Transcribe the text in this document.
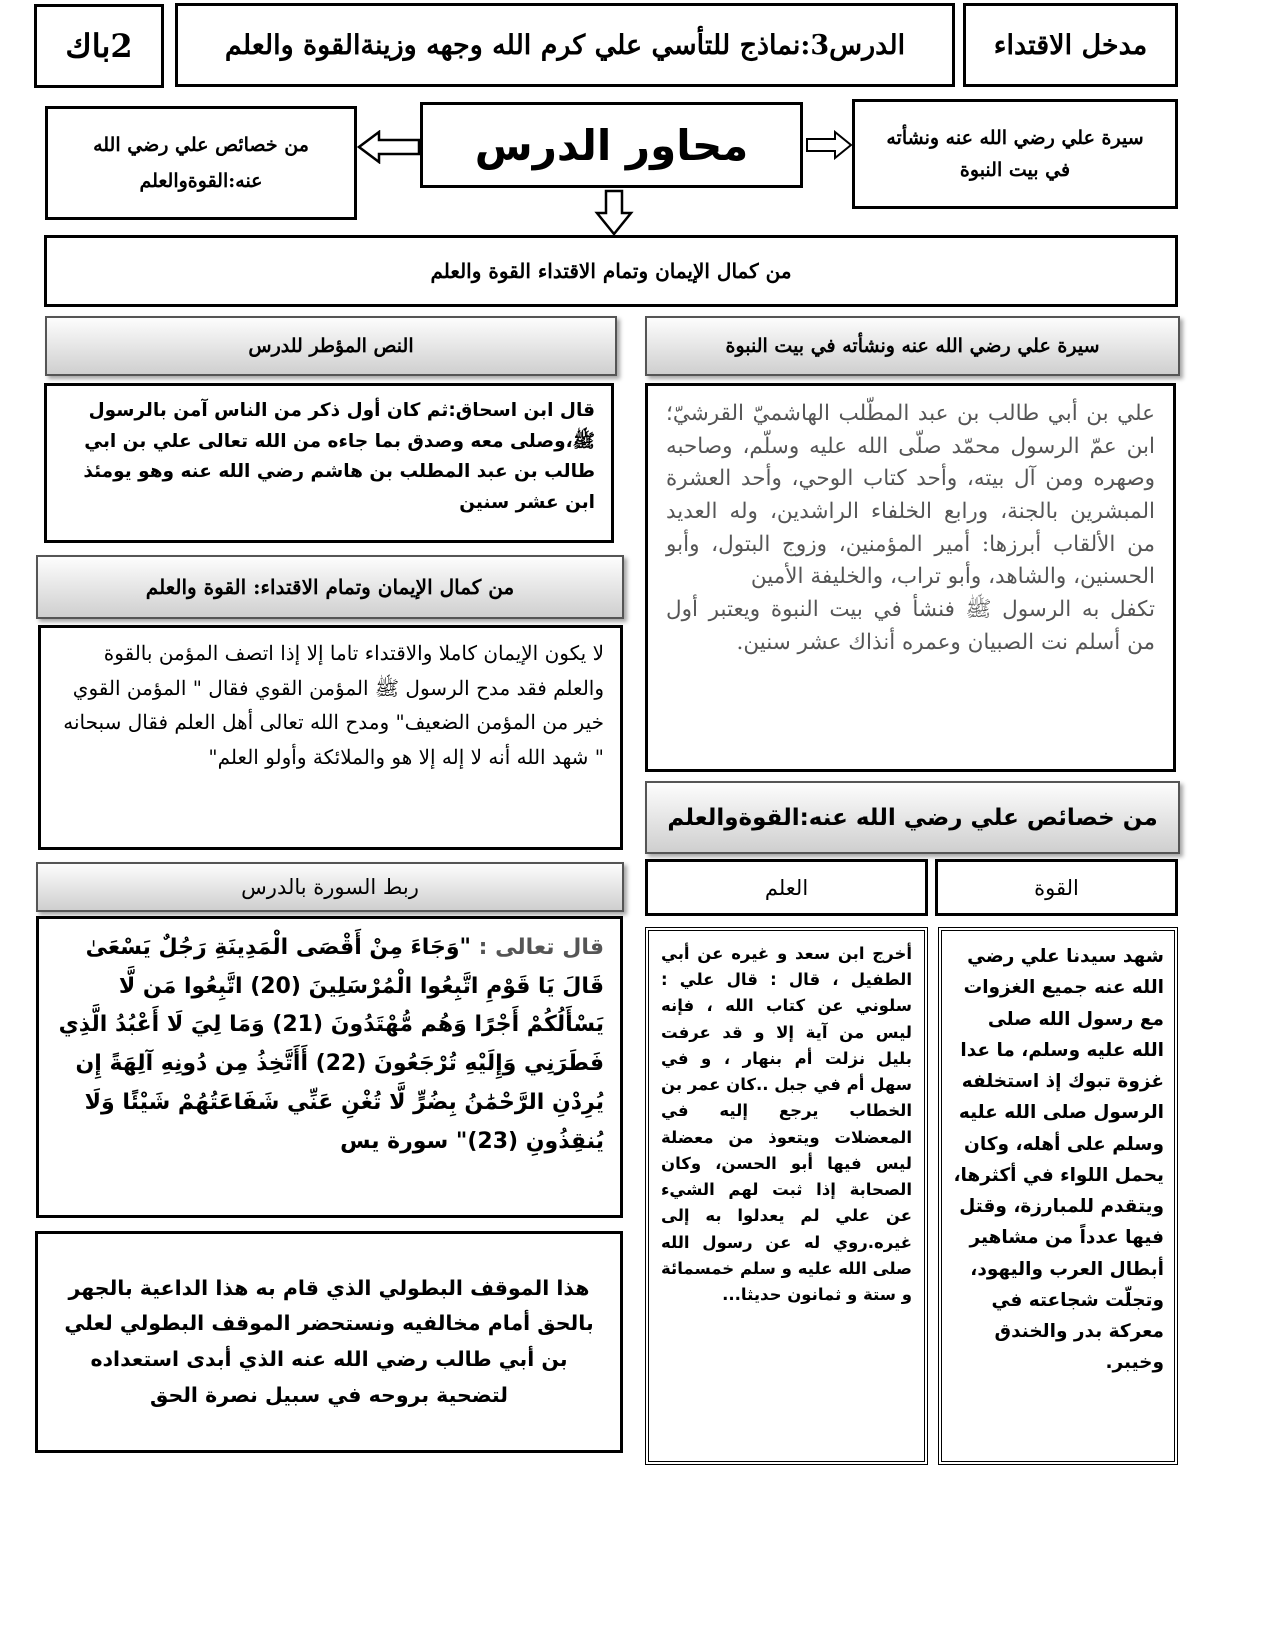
مدخل الاقتداء
الدرس3:نماذج للتأسي علي كرم الله وجهه وزينةالقوة والعلم
2باك
سيرة علي رضي الله عنه ونشأته في بيت النبوة
محاور الدرس
من خصائص علي رضي الله عنه:القوةوالعلم
من كمال الإيمان وتمام الاقتداء القوة والعلم
سيرة علي رضي الله عنه ونشأته في بيت النبوة

علي بن أبي طالب بن عبد المطّلب الهاشميّ القرشيّ؛ ابن عمّ الرسول محمّد صلّى الله عليه وسلّم، وصاحبه وصهره ومن آل بيته، وأحد كتاب الوحي، وأحد العشرة المبشرين بالجنة، ورابع الخلفاء الراشدين، وله العديد من الألقاب أبرزها: أمير المؤمنين، وزوج البتول، وأبو الحسنين، والشاهد، وأبو تراب، والخليفة الأمين

تكفل به الرسول ﷺ فنشأ في بيت النبوة ويعتبر أول من أسلم نت الصبيان وعمره أنذاك عشر سنين.

من خصائص علي رضي الله عنه:القوةوالعلم
القوة
العلم

شهد سيدنا علي رضي الله عنه جميع الغزوات مع رسول الله صلى الله عليه وسلم، ما عدا غزوة تبوك إذ استخلفه الرسول صلى الله عليه وسلم على أهله، وكان يحمل اللواء في أكثرها، ويتقدم للمبارزة، وقتل فيها عدداً من مشاهير أبطال العرب واليهود، وتجلّت شجاعته في معركة بدر والخندق وخيبر.

أخرج ابن سعد و غيره عن أبي الطفيل ، قال : قال علي : سلوني عن كتاب الله ، فإنه ليس من آية إلا و قد عرفت بليل نزلت أم بنهار ، و في سهل أم في جبل ..كان عمر بن الخطاب يرجع إليه في المعضلات ويتعوذ من معضلة ليس فيها أبو الحسن، وكان الصحابة إذا ثبت لهم الشيء عن علي لم يعدلوا به إلى غيره.روي له عن رسول الله صلى الله عليه و سلم خمسمائة و ستة و ثمانون حديثا...

النص المؤطر للدرس

قال ابن اسحاق:ثم كان أول ذكر من الناس آمن بالرسول ﷺ،وصلى معه وصدق بما جاءه من الله تعالى علي بن ابي طالب بن عبد المطلب بن هاشم رضي الله عنه وهو يومئذ ابن عشر سنين

من كمال الإيمان وتمام الاقتداء: القوة والعلم

لا يكون الإيمان كاملا والاقتداء تاما إلا إذا اتصف المؤمن بالقوة والعلم فقد مدح الرسول ﷺ المؤمن القوي فقال " المؤمن القوي خير من المؤمن الضعيف" ومدح الله تعالى أهل العلم فقال سبحانه " شهد الله أنه لا إله إلا هو والملائكة وأولو العلم"

ربط السورة بالدرس

قال تعالى : "وَجَاءَ مِنْ أَقْصَى الْمَدِينَةِ رَجُلٌ يَسْعَىٰ قَالَ يَا قَوْمِ اتَّبِعُوا الْمُرْسَلِينَ (20) اتَّبِعُوا مَن لَّا يَسْأَلُكُمْ أَجْرًا وَهُم مُّهْتَدُونَ (21) وَمَا لِيَ لَا أَعْبُدُ الَّذِي فَطَرَنِي وَإِلَيْهِ تُرْجَعُونَ (22) أَأَتَّخِذُ مِن دُونِهِ آلِهَةً إِن يُرِدْنِ الرَّحْمَٰنُ بِضُرٍّ لَّا تُغْنِ عَنِّي شَفَاعَتُهُمْ شَيْئًا وَلَا يُنقِذُونِ (23)" سورة يس

هذا الموقف البطولي الذي قام به هذا الداعية بالجهر بالحق أمام مخالفيه ونستحضر الموقف البطولي لعلي بن أبي طالب رضي الله عنه الذي أبدى استعداده لتضحية بروحه في سبيل نصرة الحق
